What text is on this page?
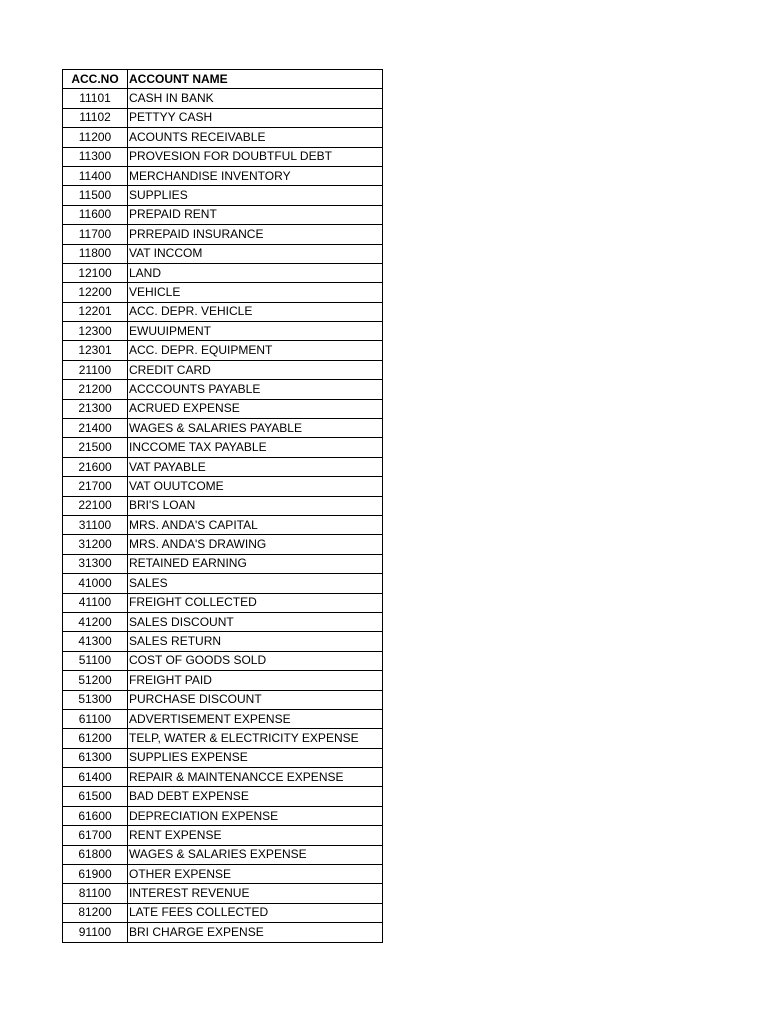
ACC.NO	ACCOUNT NAME
11101	CASH IN BANK
11102	PETTYY CASH
11200	ACOUNTS RECEIVABLE
11300	PROVESION FOR DOUBTFUL DEBT
11400	MERCHANDISE INVENTORY
11500	SUPPLIES
11600	PREPAID RENT
11700	PRREPAID INSURANCE
11800	VAT INCCOM
12100	LAND
12200	VEHICLE
12201	ACC. DEPR. VEHICLE
12300	EWUUIPMENT
12301	ACC. DEPR. EQUIPMENT
21100	CREDIT CARD
21200	ACCCOUNTS PAYABLE
21300	ACRUED EXPENSE
21400	WAGES & SALARIES PAYABLE
21500	INCCOME TAX PAYABLE
21600	VAT PAYABLE
21700	VAT OUUTCOME
22100	BRI'S LOAN
31100	MRS. ANDA'S CAPITAL
31200	MRS. ANDA'S DRAWING
31300	RETAINED EARNING
41000	SALES
41100	FREIGHT COLLECTED
41200	SALES DISCOUNT
41300	SALES RETURN
51100	COST OF GOODS SOLD
51200	FREIGHT PAID
51300	PURCHASE DISCOUNT
61100	ADVERTISEMENT EXPENSE
61200	TELP, WATER & ELECTRICITY EXPENSE
61300	SUPPLIES EXPENSE
61400	REPAIR & MAINTENANCCE EXPENSE
61500	BAD DEBT EXPENSE
61600	DEPRECIATION EXPENSE
61700	RENT EXPENSE
61800	WAGES & SALARIES EXPENSE
61900	OTHER EXPENSE
81100	INTEREST REVENUE
81200	LATE FEES COLLECTED
91100	BRI CHARGE EXPENSE
